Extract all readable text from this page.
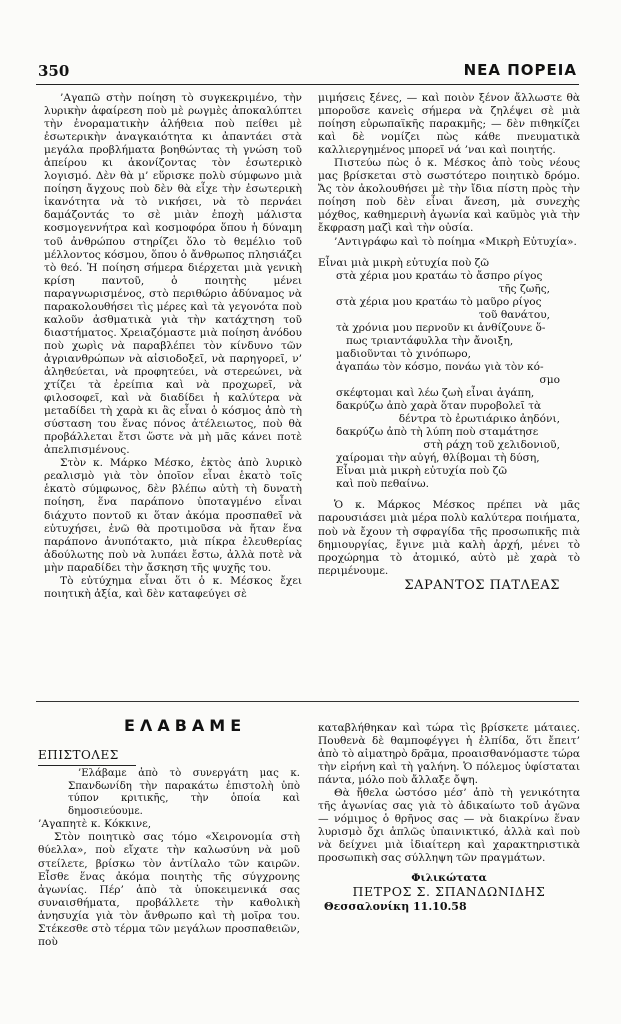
350	ΝΕΑ ΠΟΡΕΙΑ

’Αγαπῶ στὴν ποίηση τὸ συγκεκριμένο, τὴν λυρικὴν ἀφαίρεση ποὺ μὲ ρωγμὲς ἀποκαλύπτει τὴν ἐνοραματικὴν ἀλήθεια ποὺ πείθει μὲ ἐσωτερικὴν ἀναγκαιότητα κι ἀπαντάει στὰ μεγάλα προβλήματα βοηθώντας τὴ γνώση τοῦ ἀπείρου κι ἀκονίζοντας τὸν ἐσωτερικὸ λογισμό. Δὲν θὰ μ’ εὕρισκε πολὺ σύμφωνο μιὰ ποίηση ἄγχους ποὺ δὲν θὰ εἶχε τὴν ἐσωτερικὴ ἱκανότητα νὰ τὸ νικήσει, νὰ τὸ περνάει δαμάζοντάς το σὲ μιὰν ἐποχὴ μάλιστα κοσμογεννήτρα καὶ κοσμοφόρα ὅπου ἡ δύναμη τοῦ ἀνθρώπου στηρίζει ὅλο τὸ θεμέλιο τοῦ μέλλοντος κόσμου, ὅπου ὁ ἄνθρωπος πλησιάζει τὸ θεό. Ἡ ποίηση σήμερα διέρχεται μιὰ γενικὴ κρίση παντοῦ, ὁ ποιητὴς μένει παραγνωρισμένος, στὸ περιθώριο ἀδύναμος νὰ παρακολουθήσει τὶς μέρες καὶ τὰ γεγονότα ποὺ καλοῦν ἀσθματικὰ γιὰ τὴν κατάχτηση τοῦ διαστήματος. Χρειαζόμαστε μιὰ ποίηση ἀνόδου ποὺ χωρὶς νὰ παραβλέπει τὸν κίνδυνο τῶν ἀγριανθρώπων νὰ αἰσιοδοξεῖ, νὰ παρηγορεῖ, ν’ ἀληθεύεται, νὰ προφητεύει, νὰ στερεώνει, νὰ χτίζει τὰ ἐρείπια καὶ νὰ προχωρεῖ, νὰ φιλοσοφεῖ, καὶ νὰ διαδίδει ἡ καλύτερα νὰ μεταδίδει τὴ χαρὰ κι ἂς εἶναι ὁ κόσμος ἀπὸ τὴ σύσταση του ἕνας πόνος ἀτέλειωτος, ποὺ θὰ προβάλλεται ἔτσι ὥστε νὰ μὴ μᾶς κάνει ποτὲ ἀπελπισμένους.

Στὸν κ. Μάρκο Μέσκο, ἐκτὸς ἀπὸ λυρικὸ ρεαλισμὸ γιὰ τὸν ὁποῖον εἶναι ἑκατὸ τοῖς ἑκατὸ σύμφωνος, δὲν βλέπω αὐτὴ τὴ δυνατὴ ποίηση, ἕνα παράπονο ὑποταγμένο εἶναι διάχυτο ποντοῦ κι ὅταν ἀκόμα προσπαθεῖ νὰ εὐτυχήσει, ἐνῶ θὰ προτιμοῦσα νὰ ἤταν ἕνα παράπονο ἀνυπότακτο, μιὰ πίκρα ἐλευθερίας ἀδούλωτης ποὺ νὰ λυπάει ἔστω, ἀλλὰ ποτὲ νὰ μὴν παραδίδει τὴν ἄσκηση τῆς ψυχῆς του.

Τὸ εὐτύχημα εἶναι ὅτι ὁ κ. Μέσκος ἔχει ποιητικὴ ἀξία, καὶ δὲν καταφεύγει σὲ

μιμήσεις ξένες, — καὶ ποιὸν ξένον ἄλλωστε θὰ μποροῦσε κανεὶς σήμερα νὰ ζηλέψει σὲ μιὰ ποίηση εὐρωπαϊκῆς παρακμῆς; — δὲν πιθηκίζει καὶ δὲ νομίζει πὼς κάθε πνευματικὰ καλλιεργημένος μπορεῖ νά ’ναι καὶ ποιητής.

Πιστεύω πὼς ὁ κ. Μέσκος ἀπὸ τοὺς νέους μας βρίσκεται στὸ σωστότερο ποιητικὸ δρόμο. Ἄς τὸν ἀκολουθήσει μὲ τὴν ἴδια πίστη πρὸς τὴν ποίηση ποὺ δὲν εἶναι ἄνεση, μὰ συνεχὴς μόχθος, καθημερινὴ ἀγωνία καὶ καϋμὸς γιὰ τὴν ἔκφραση μαζὶ καὶ τὴν οὐσία.

’Αντιγράφω καὶ τὸ ποίημα «Μικρὴ Εὐτυχία».

Εἶναι μιὰ μικρὴ εὐτυχία ποὺ ζῶ
στὰ χέρια μου κρατάω τὸ ἄσπρο ρίγος
τῆς ζωῆς,
στὰ χέρια μου κρατάω τὸ μαῦρο ρίγος
τοῦ θανάτου,
τὰ χρόνια μου περνοῦν κι ἀνθίζουνε ὅ-
πως τριαντάφυλλα τὴν ἄνοιξη,
μαδιοῦνται τὸ χινόπωρο,
ἀγαπάω τὸν κόσμο, πονάω γιὰ τὸν κό-
σμο
σκέφτομαι καὶ λέω ζωὴ εἶναι ἀγάπη,
δακρύζω ἀπὸ χαρὰ ὅταν πυροβολεῖ τὰ
δέντρα τὸ ἐρωτιάρικο ἀηδόνι,
δακρύζω ἀπὸ τὴ λύπη ποὺ σταμάτησε
στὴ ράχη τοῦ χελιδονιοῦ,
χαίρομαι τὴν αὐγή, θλίβομαι τὴ δύση,
Εἶναι μιὰ μικρὴ εὐτυχία ποὺ ζῶ
καὶ ποὺ πεθαίνω.

Ὁ κ. Μάρκος Μέσκος πρέπει νὰ μᾶς παρουσιάσει μιὰ μέρα πολὺ καλύτερα ποιήματα, ποὺ νὰ ἔχουν τὴ σφραγίδα τῆς προσωπικῆς πιὰ δημιουργίας, ἔγινε μιὰ καλὴ ἀρχή, μένει τὸ προχώρημα τὸ ἀτομικό, αὐτὸ μὲ χαρὰ τὸ περιμένουμε.

ΣΑΡΑΝΤΟΣ ΠΑΤΛΕΑΣ
ΕΛΑΒΑΜΕ
ΕΠΙΣΤΟΛΕΣ

’Ελάβαμε ἀπὸ τὸ συνεργάτη μας κ. Σπανδωνίδη τὴν παρακάτω ἐπιστολὴ ὑπὸ τύπον κριτικῆς, τὴν ὁποία καὶ δημοσιεύουμε.

’Αγαπητὲ κ. Κόκκινε,

Στὸν ποιητικὸ σας τόμο «Χειρονομία στὴ θύελλα», ποὺ εἴχατε τὴν καλωσύνη νὰ μοῦ στείλετε, βρίσκω τὸν ἀντίλαλο τῶν καιρῶν. Εἶσθε ἕνας ἀκόμα ποιητὴς τῆς σύγχρονης ἀγωνίας. Πέρ’ ἀπὸ τὰ ὑποκειμενικά σας συναισθήματα, προβάλλετε τὴν καθολικὴ ἀνησυχία γιὰ τὸν ἄνθρωπο καὶ τὴ μοῖρα του. Στέκεσθε στὸ τέρμα τῶν μεγάλων προσπαθειῶν, ποὺ

καταβλήθηκαν καὶ τώρα τὶς βρίσκετε μάταιες. Πουθενὰ δὲ θαμποφέγγει ἡ ἐλπίδα, ὅτι ἔπειτ’ ἀπὸ τὸ αἱματηρὸ δρᾶμα, προαισθανόμαστε τώρα τὴν εἰρήνη καὶ τὴ γαλήνη. Ὁ πόλεμος ὑφίσταται πάντα, μόλο ποὺ ἄλλαξε ὄψη.

Θὰ ἤθελα ὡστόσο μέσ’ ἀπὸ τὴ γενικότητα τῆς ἀγωνίας σας γιὰ τὸ ἀδικαίωτο τοῦ ἀγῶνα — νόμιμος ὁ θρῆνος σας — νὰ διακρίνω ἕναν λυρισμὸ ὄχι ἁπλῶς ὑπαινικτικό, ἀλλὰ καὶ ποὺ νὰ δείχνει μιὰ ἰδιαίτερη καὶ χαρακτηριστικὰ προσωπικὴ σας σύλληψη τῶν πραγμάτων.

Φιλικώτατα
ΠΕΤΡΟΣ Σ. ΣΠΑΝΔΩΝΙΔΗΣ
Θεσσαλονίκη 11.10.58
